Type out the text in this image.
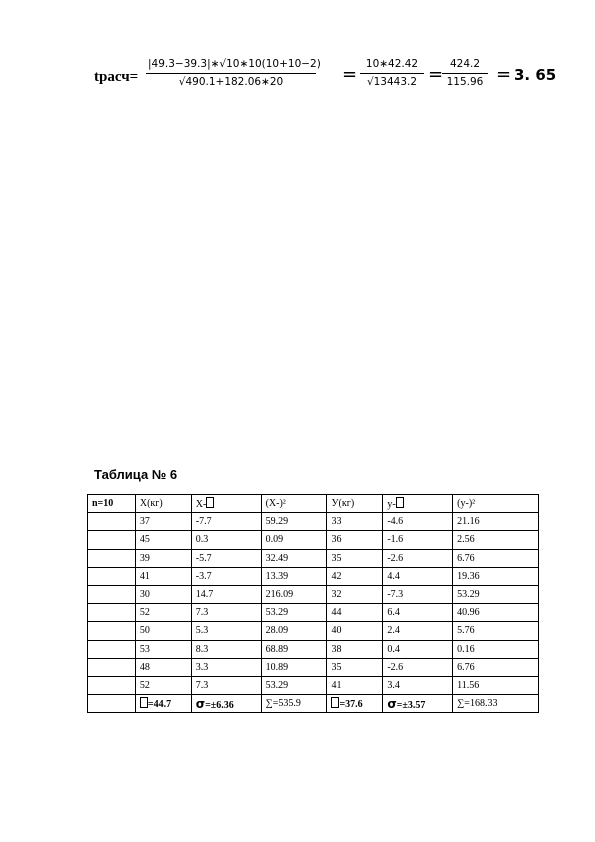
tрасч=
|49.3−39.3|∗√10∗10(10+10−2)
√490.1+182.06∗20	= 10∗42.42
√13443.2 = 424.2
115.96 = 3. 65
Таблица № 6
n=10	X(кг)	X-	(X-)²	У(кг)	y-	(y-)²
	37	-7.7	59.29	33	-4.6	21.16
	45	0.3	0.09	36	-1.6	2.56
	39	-5.7	32.49	35	-2.6	6.76
	41	-3.7	13.39	42	4.4	19.36
	30	14.7	216.09	32	-7.3	53.29
	52	7.3	53.29	44	6.4	40.96
	50	5.3	28.09	40	2.4	5.76
	53	8.3	68.89	38	0.4	0.16
	48	3.3	10.89	35	-2.6	6.76
	52	7.3	53.29	41	3.4	11.56
	=44.7	σ=±6.36	∑=535.9	=37.6	σ=±3.57	∑=168.33
